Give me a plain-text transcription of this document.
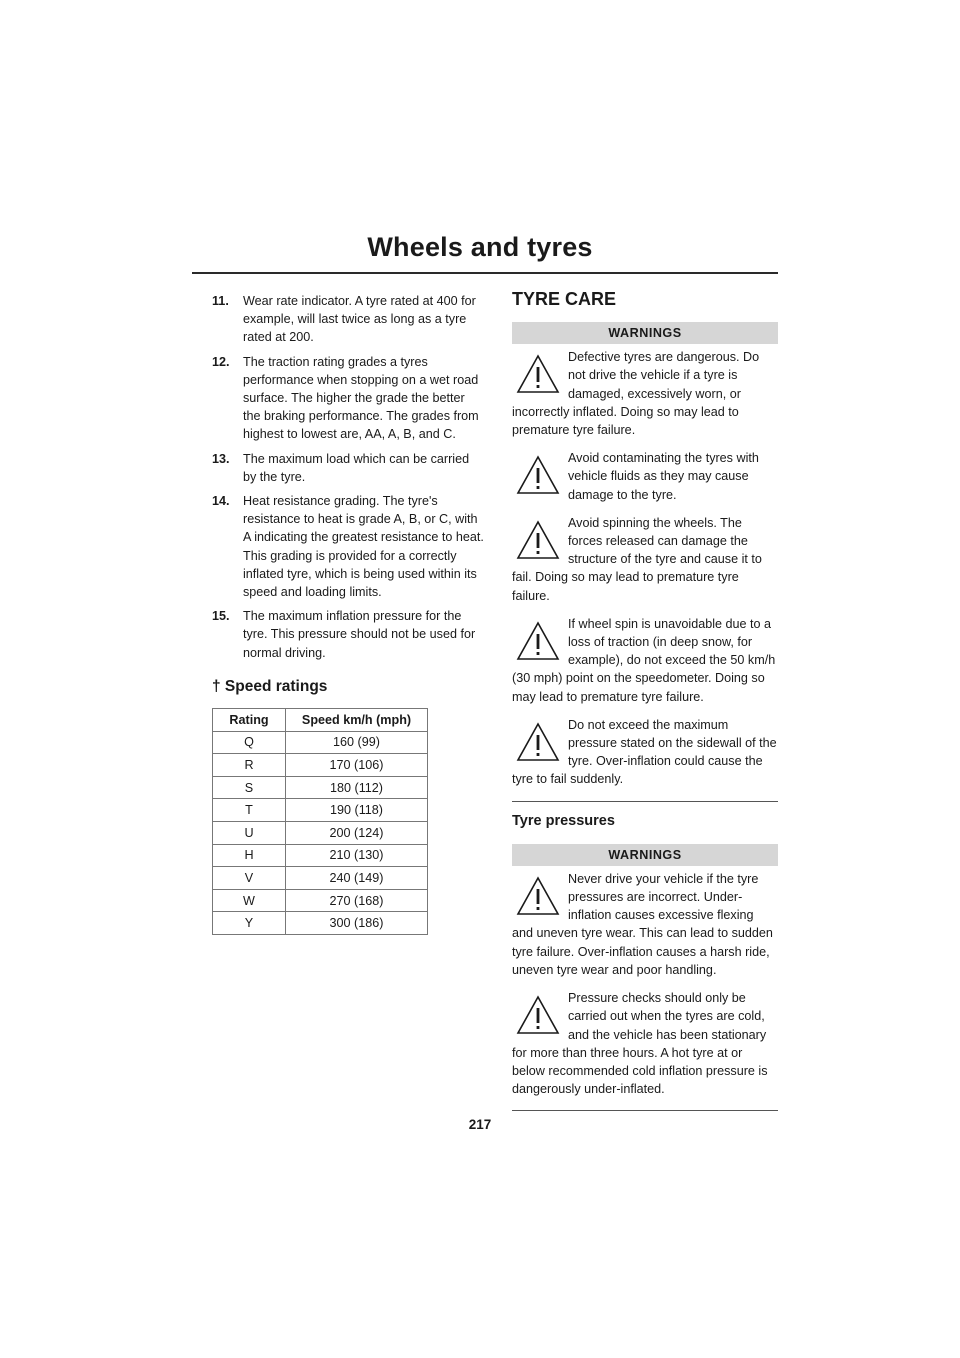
Wheels and tyres
11. Wear rate indicator. A tyre rated at 400 for example, will last twice as long as a tyre rated at 200.
12. The traction rating grades a tyres performance when stopping on a wet road surface. The higher the grade the better the braking performance. The grades from highest to lowest are, AA, A, B, and C.
13. The maximum load which can be carried by the tyre.
14. Heat resistance grading. The tyre's resistance to heat is grade A, B, or C, with A indicating the greatest resistance to heat. This grading is provided for a correctly inflated tyre, which is being used within its speed and loading limits.
15. The maximum inflation pressure for the tyre. This pressure should not be used for normal driving.
† Speed ratings
Rating	Speed km/h (mph)
Q	160 (99)
R	170 (106)
S	180 (112)
T	190 (118)
U	200 (124)
H	210 (130)
V	240 (149)
W	270 (168)
Y	300 (186)
TYRE CARE
WARNINGS

Defective tyres are dangerous. Do not drive the vehicle if a tyre is damaged, excessively worn, or incorrectly inflated. Doing so may lead to premature tyre failure.

Avoid contaminating the tyres with vehicle fluids as they may cause damage to the tyre.

Avoid spinning the wheels. The forces released can damage the structure of the tyre and cause it to fail. Doing so may lead to premature tyre failure.

If wheel spin is unavoidable due to a loss of traction (in deep snow, for example), do not exceed the 50 km/h (30 mph) point on the speedometer. Doing so may lead to premature tyre failure.

Do not exceed the maximum pressure stated on the sidewall of the tyre. Over-inflation could cause the tyre to fail suddenly.

Tyre pressures
WARNINGS

Never drive your vehicle if the tyre pressures are incorrect. Under-inflation causes excessive flexing and uneven tyre wear. This can lead to sudden tyre failure. Over-inflation causes a harsh ride, uneven tyre wear and poor handling.

Pressure checks should only be carried out when the tyres are cold, and the vehicle has been stationary for more than three hours. A hot tyre at or below recommended cold inflation pressure is dangerously under-inflated.

217
